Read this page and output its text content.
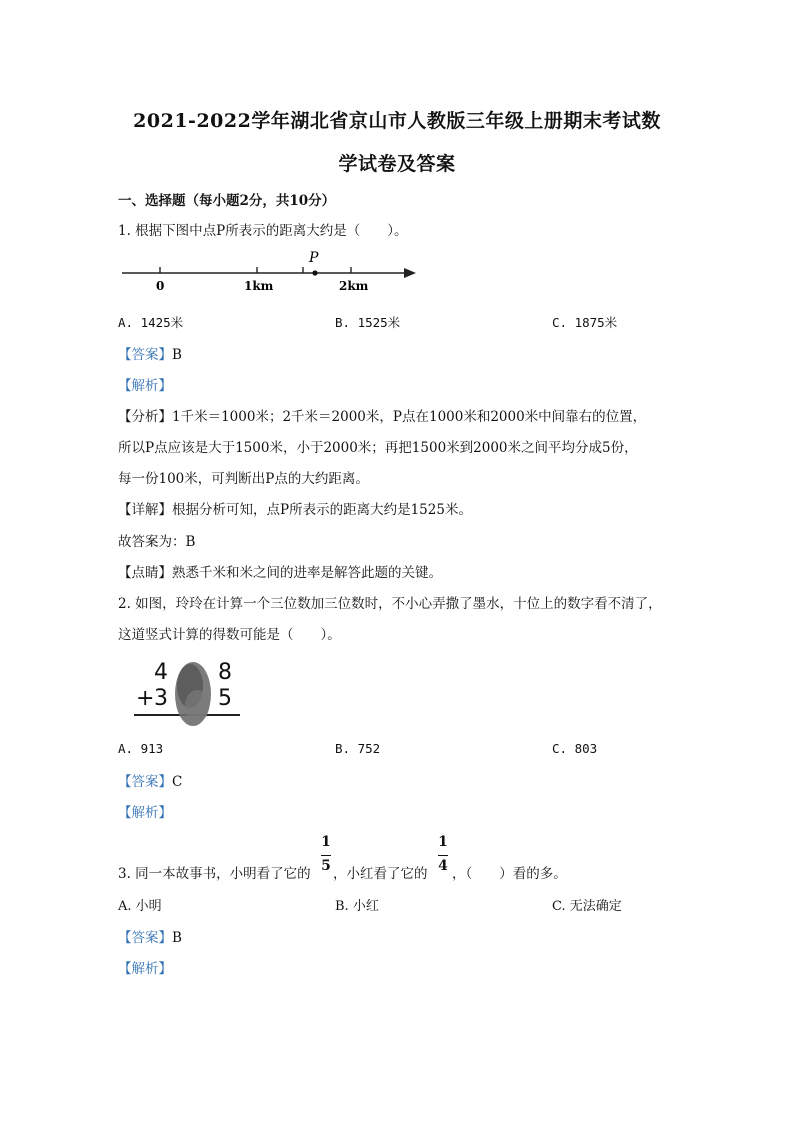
2021-2022学年湖北省京山市人教版三年级上册期末考试数
学试卷及答案
一、选择题（每小题2分，共10分）
1. 根据下图中点P所表示的距离大约是（　　）。
P
0	1km	2km
A. 1425米	B. 1525米	C. 1875米
【答案】B
【解析】
【分析】1千米＝1000米；2千米＝2000米，P点在1000米和2000米中间靠右的位置，
所以P点应该是大于1500米，小于2000米；再把1500米到2000米之间平均分成5份，
每一份100米，可判断出P点的大约距离。
【详解】根据分析可知，点P所表示的距离大约是1525米。
故答案为：B
【点睛】熟悉千米和米之间的进率是解答此题的关键。
2. 如图，玲玲在计算一个三位数加三位数时，不小心弄撒了墨水，十位上的数字看不清了，
这道竖式计算的得数可能是（　　）。
4 8
+ 3 5
A. 913	B. 752	C. 803
【答案】C
【解析】
3. 同一本故事书，小明看了它的
1
5 ，小红看了它的
1
4 ，（　　）看的多。
A. 小明	B. 小红	C. 无法确定
【答案】B
【解析】
